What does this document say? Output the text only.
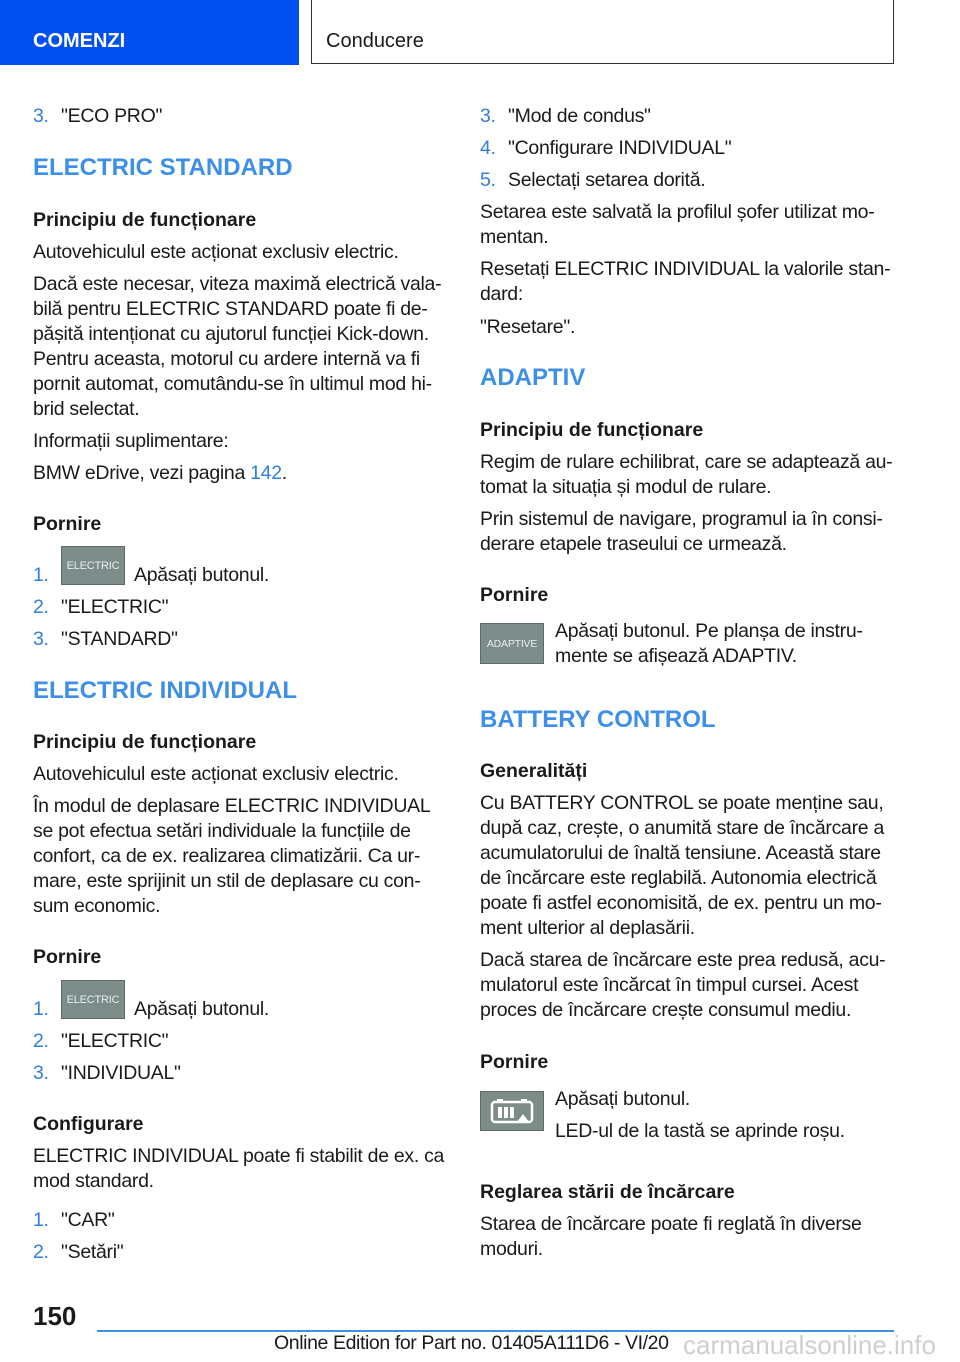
COMENZI	Conducere
3. "ECO PRO"
ELECTRIC STANDARD
Principiu de funcționare
Autovehiculul este acționat exclusiv electric.
Dacă este necesar, viteza maximă electrică vala-
bilă pentru ELECTRIC STANDARD poate fi de-
pășită intenționat cu ajutorul funcției Kick-down.
Pentru aceasta, motorul cu ardere internă va fi
pornit automat, comutându-se în ultimul mod hi-
brid selectat.
Informații suplimentare:
BMW eDrive, vezi pagina 142.
Pornire
1.	ELECTRIC Apăsați butonul.
2. "ELECTRIC"
3. "STANDARD"
ELECTRIC INDIVIDUAL
Principiu de funcționare
Autovehiculul este acționat exclusiv electric.
În modul de deplasare ELECTRIC INDIVIDUAL
se pot efectua setări individuale la funcțiile de
confort, ca de ex. realizarea climatizării. Ca ur-
mare, este sprijinit un stil de deplasare cu con-
sum economic.
Pornire
1.	ELECTRIC Apăsați butonul.
2. "ELECTRIC"
3. "INDIVIDUAL"
Configurare
ELECTRIC INDIVIDUAL poate fi stabilit de ex. ca
mod standard.
1. "CAR"
2. "Setări"
3. "Mod de condus"
4. "Configurare INDIVIDUAL"
5. Selectați setarea dorită.
Setarea este salvată la profilul șofer utilizat mo-
mentan.
Resetați ELECTRIC INDIVIDUAL la valorile stan-
dard:
"Resetare".
ADAPTIV
Principiu de funcționare
Regim de rulare echilibrat, care se adaptează au-
tomat la situația și modul de rulare.
Prin sistemul de navigare, programul ia în consi-
derare etapele traseului ce urmează.
Pornire
ADAPTIVE
Apăsați butonul. Pe planșa de instru-
mente se afișează ADAPTIV.
BATTERY CONTROL
Generalități
Cu BATTERY CONTROL se poate menține sau,
după caz, crește, o anumită stare de încărcare a
acumulatorului de înaltă tensiune. Această stare
de încărcare este reglabilă. Autonomia electrică
poate fi astfel economisită, de ex. pentru un mo-
ment ulterior al deplasării.
Dacă starea de încărcare este prea redusă, acu-
mulatorul este încărcat în timpul cursei. Acest
proces de încărcare crește consumul mediu.
Pornire
Apăsați butonul.
LED-ul de la tastă se aprinde roșu.
Reglarea stării de încărcare
Starea de încărcare poate fi reglată în diverse
moduri.
150
Online Edition for Part no. 01405A111D6 - VI/20 carmanualsonline.info
